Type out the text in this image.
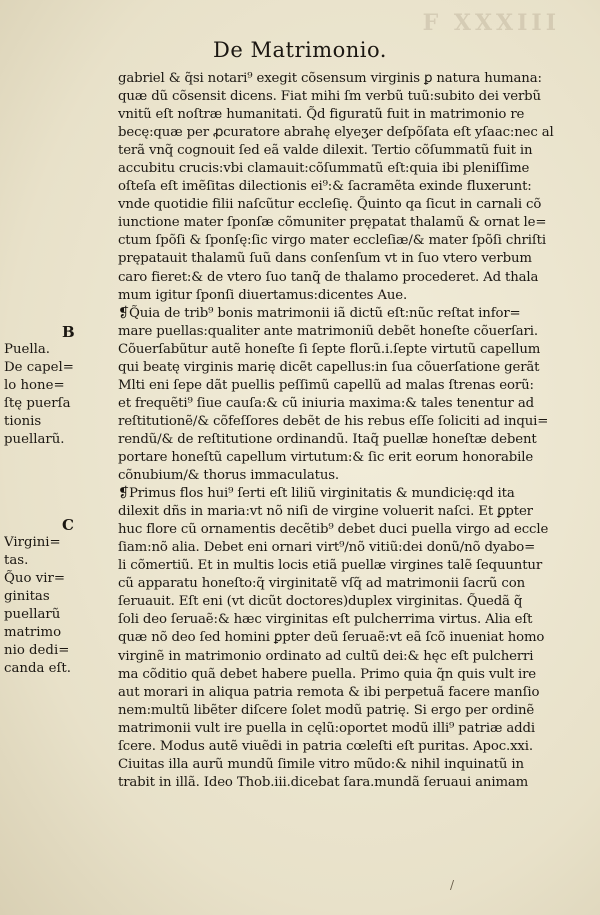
F XXXIII
De Matrimonio.
gabriel & q̃si notari⁹ exegit cõsensum virginis ꝑ natura humana:
quæ dũ cõsensit dicens. Fiat mihi ſm verbũ tuũ:subito dei verbũ
vnitũ eſt noſtræ humanitati. Q̃d figuratũ fuit in matrimonio re
becę:quæ per ꝓcuratore abrahę elyeʒer deſpõſata eſt yſaac:nec al
terã vnq̃ cognouit ſed eã valde dilexit. Tertio cõſummatũ fuit in
accubitu crucis:vbi clamauit:cõſummatũ eſt:quia ibi pleniſſime
oſteſa eſt imẽſitas dilectionis ei⁹:& ſacramẽta exinde fluxerunt:
vnde quotidie filii naſcũtur eccleſię. Q̃uinto qa ſicut in carnali cõ
iunctione mater ſponſæ cõmuniter prępatat thalamũ & ornat le=
ctum ſpõſi & ſponſę:ſic virgo mater eccleſiæ/& mater ſpõſi chriſti
prępatauit thalamũ ſuũ dans conſenſum vt in ſuo vtero verbum
caro fieret:& de vtero ſuo tanq̃ de thalamo procederet. Ad thala
mum igitur ſponſi diuertamus:dicentes Aue.
❡Q̃uia de trib⁹ bonis matrimonii iã dictũ eſt:nũc reſtat infor=
mare puellas:qualiter ante matrimoniũ debẽt honeſte cõuerſari.
Cõuerſabũtur autẽ honeſte ſi ſepte florũ.i.ſepte virtutũ capellum
qui beatę virginis marię dicẽt capellus:in ſua cõuerſatione gerãt
Mlti eni ſepe dãt puellis peſſimũ capellũ ad malas ſtrenas eorũ:
et frequẽti⁹ ſiue cauſa:& cũ iniuria maxima:& tales tenentur ad
reſtitutionẽ/& cõfeſſores debẽt de his rebus eſſe ſoliciti ad inqui=
rendũ/& de reſtitutione ordinandũ. Itaq̃ puellæ honeſtæ debent
portare honeſtũ capellum virtutum:& ſic erit eorum honorabile
cõnubium/& thorus immaculatus.
❡Primus flos hui⁹ ſerti eſt liliũ virginitatis & mundicię:qd ita
dilexit dñs in maria:vt nõ niſi de virgine voluerit naſci. Et ꝑpter
huc flore cũ ornamentis decẽtib⁹ debet duci puella virgo ad eccle
ſiam:nõ alia. Debet eni ornari virt⁹/nõ vitiũ:dei donũ/nõ dyabo=
li cõmertiũ. Et in multis locis etiã puellæ virgines talẽ ſequuntur
cũ apparatu honeſto:q̃ virginitatẽ vſq̃ ad matrimonii ſacrũ con
ſeruauit. Eſt eni (vt dicũt doctores)duplex virginitas. Q̃uedã q̃
ſoli deo ſeruaẽ:& hæc virginitas eſt pulcherrima virtus. Alia eſt
quæ nõ deo ſed homini ꝑpter deũ ſeruaẽ:vt eã ſcõ inueniat homo
virginẽ in matrimonio ordinato ad cultũ dei:& hęc eſt pulcherri
ma cõditio quã debet habere puella. Primo quia q̃n quis vult ire
aut morari in aliqua patria remota & ibi perpetuã facere manſio
nem:multũ libẽter diſcere ſolet modũ patrię. Si ergo per ordinẽ
matrimonii vult ire puella in cęlũ:oportet modũ illi⁹ patriæ addi
ſcere. Modus autẽ viuẽdi in patria cœleſti eſt puritas. Apoc.xxi.
Ciuitas illa aurũ mundũ ſimile vitro mũdo:& nihil inquinatũ in
trabit in illã. Ideo Thob.iii.dicebat ſara.mundã ſeruaui animam
B
Puella.
De capel=
lo hone=
ſtę puerſa
tionis
puellarũ.
C
Virgini=
tas.
Q̃uo vir=
ginitas
puellarũ
matrimo
nio dedi=
canda eſt.
/
